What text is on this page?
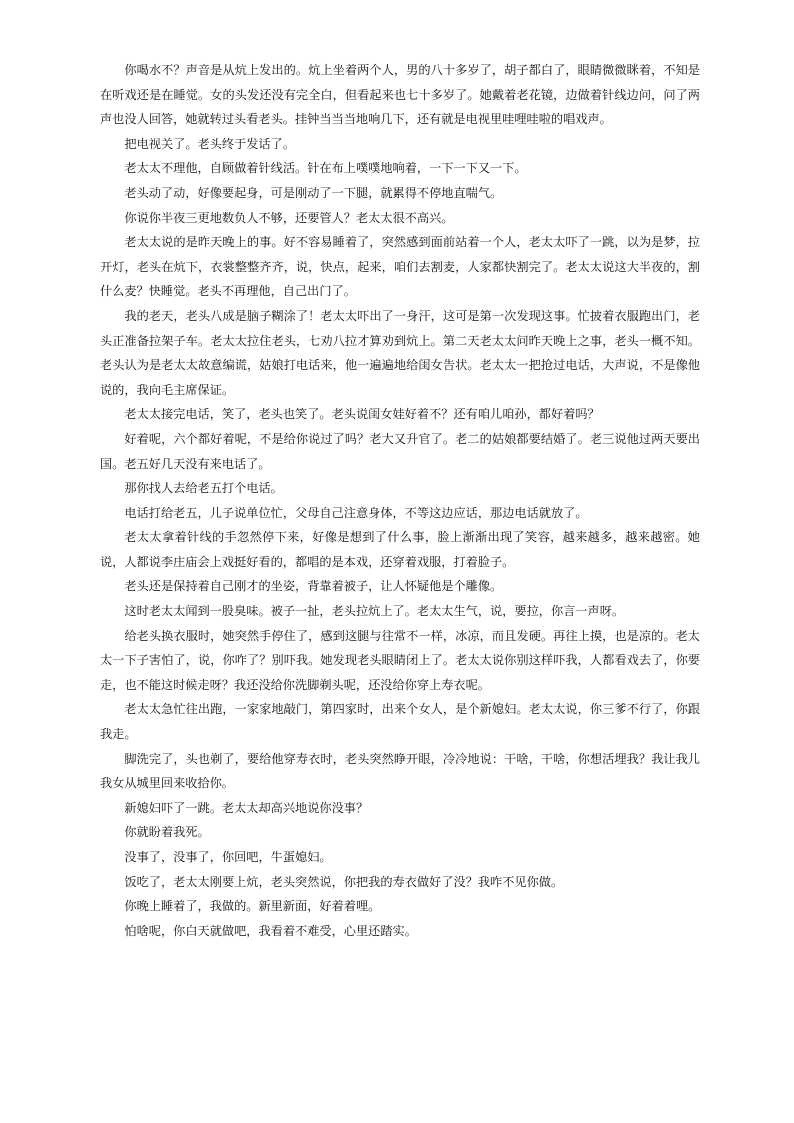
你喝水不？声音是从炕上发出的。炕上坐着两个人，男的八十多岁了，胡子都白了，眼睛微微眯着，不知是在听戏还是在睡觉。女的头发还没有完全白，但看起来也七十多岁了。她戴着老花镜，边做着针线边问，问了两声也没人回答，她就转过头看老头。挂钟当当当地响几下，还有就是电视里哇哩哇啦的唱戏声。

把电视关了。老头终于发话了。

老太太不理他，自顾做着针线活。针在布上噗噗地响着，一下一下又一下。

老头动了动，好像要起身，可是刚动了一下腿，就累得不停地直喘气。

你说你半夜三更地数负人不够，还要管人？老太太很不高兴。

老太太说的是昨天晚上的事。好不容易睡着了，突然感到面前站着一个人，老太太吓了一跳，以为是梦，拉开灯，老头在炕下，衣裳整整齐齐，说，快点，起来，咱们去割麦，人家都快割完了。老太太说这大半夜的，割什么麦？快睡觉。老头不再理他，自己出门了。

我的老天，老头八成是脑子糊涂了！老太太吓出了一身汗，这可是第一次发现这事。忙披着衣服跑出门，老头正准备拉架子车。老太太拉住老头，七劝八拉才算劝到炕上。第二天老太太问昨天晚上之事，老头一概不知。老头认为是老太太故意编谎，姑娘打电话来，他一遍遍地给闺女告状。老太太一把抢过电话，大声说，不是像他说的，我向毛主席保证。

老太太接完电话，笑了，老头也笑了。老头说闺女娃好着不？还有咱儿咱孙，都好着吗？

好着呢，六个都好着呢，不是给你说过了吗？老大又升官了。老二的姑娘都要结婚了。老三说他过两天要出国。老五好几天没有来电话了。

那你找人去给老五打个电话。

电话打给老五，儿子说单位忙，父母自己注意身体，不等这边应话，那边电话就放了。

老太太拿着针线的手忽然停下来，好像是想到了什么事，脸上渐渐出现了笑容，越来越多，越来越密。她说，人都说李庄庙会上戏挺好看的，都唱的是本戏，还穿着戏服，打着脸子。

老头还是保持着自己刚才的坐姿，背靠着被子，让人怀疑他是个雕像。

这时老太太闻到一股臭味。被子一扯，老头拉炕上了。老太太生气，说，要拉，你言一声呀。

给老头换衣服时，她突然手停住了，感到这腿与往常不一样，冰凉，而且发硬。再往上摸，也是凉的。老太太一下子害怕了，说，你咋了？别吓我。她发现老头眼睛闭上了。老太太说你别这样吓我，人都看戏去了，你要走，也不能这时候走呀？我还没给你洗脚剃头呢，还没给你穿上寿衣呢。

老太太急忙往出跑，一家家地敲门，第四家时，出来个女人，是个新媳妇。老太太说，你三爹不行了，你跟我走。

脚洗完了，头也剃了，要给他穿寿衣时，老头突然睁开眼，冷冷地说：干啥，干啥，你想活埋我？我让我儿我女从城里回来收拾你。

新媳妇吓了一跳。老太太却高兴地说你没事？

你就盼着我死。

没事了，没事了，你回吧，牛蛋媳妇。

饭吃了，老太太刚要上炕，老头突然说，你把我的寿衣做好了没？我咋不见你做。

你晚上睡着了，我做的。新里新面，好着着哩。

怕啥呢，你白天就做吧，我看着不难受，心里还踏实。
